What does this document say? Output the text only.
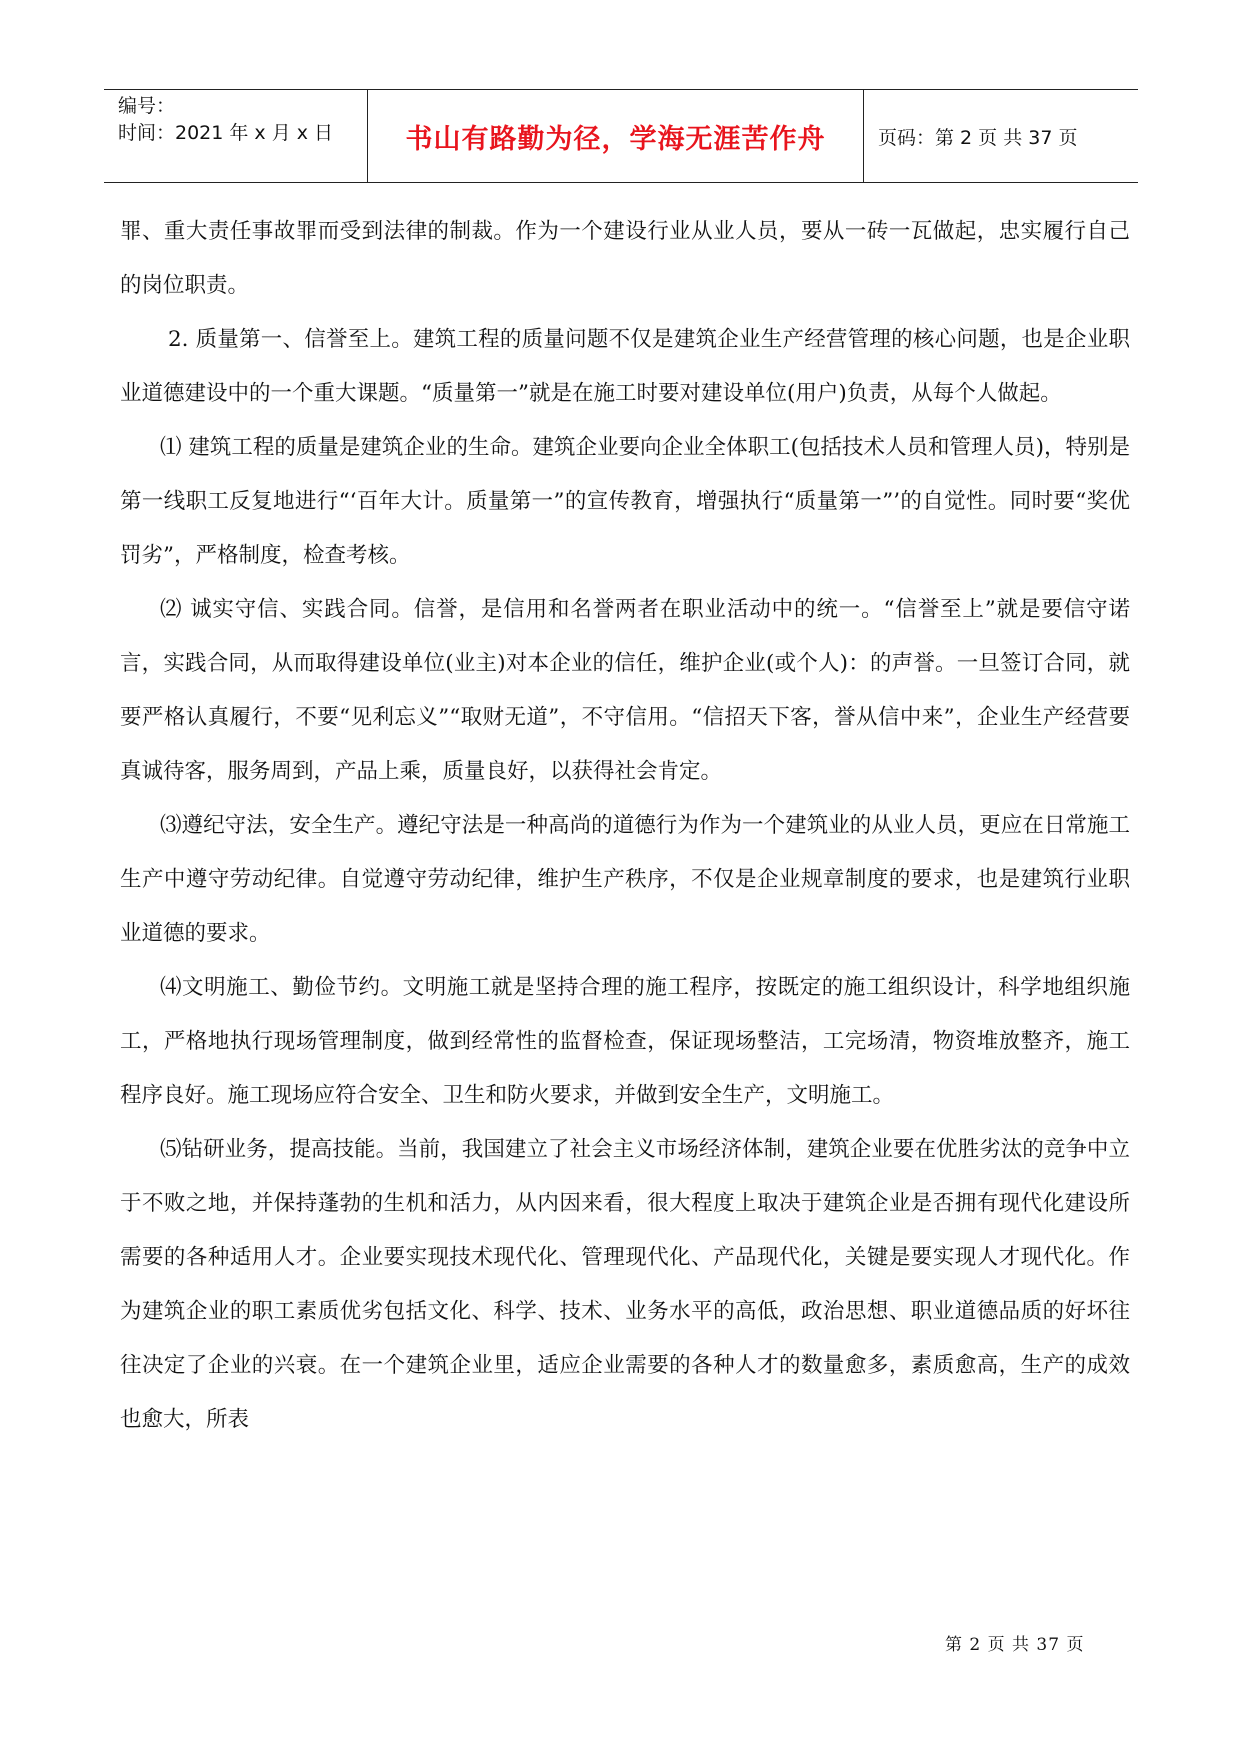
编号：
时间：2021 年 x 月 x 日	书山有路勤为径，学海无涯苦作舟	页码：第 2 页 共 37 页

罪、重大责任事故罪而受到法律的制裁。作为一个建设行业从业人员，要从一砖一瓦做起，忠实履行自己的岗位职责。

2. 质量第一、信誉至上。建筑工程的质量问题不仅是建筑企业生产经营管理的核心问题，也是企业职业道德建设中的一个重大课题。“质量第一”就是在施工时要对建设单位(用户)负责，从每个人做起。

⑴ 建筑工程的质量是建筑企业的生命。建筑企业要向企业全体职工(包括技术人员和管理人员)，特别是第一线职工反复地进行“‘百年大计。质量第一”的宣传教育，增强执行“质量第一”’的自觉性。同时要“奖优罚劣”，严格制度，检查考核。

⑵ 诚实守信、实践合同。信誉，是信用和名誉两者在职业活动中的统一。“信誉至上”就是要信守诺言，实践合同，从而取得建设单位(业主)对本企业的信任，维护企业(或个人)：的声誉。一旦签订合同，就要严格认真履行，不要“见利忘义”“取财无道”，不守信用。“信招天下客，誉从信中来”，企业生产经营要真诚待客，服务周到，产品上乘，质量良好，以获得社会肯定。

⑶遵纪守法，安全生产。遵纪守法是一种高尚的道德行为作为一个建筑业的从业人员，更应在日常施工生产中遵守劳动纪律。自觉遵守劳动纪律，维护生产秩序，不仅是企业规章制度的要求，也是建筑行业职业道德的要求。

⑷文明施工、勤俭节约。文明施工就是坚持合理的施工程序，按既定的施工组织设计，科学地组织施工，严格地执行现场管理制度，做到经常性的监督检查，保证现场整洁，工完场清，物资堆放整齐，施工程序良好。施工现场应符合安全、卫生和防火要求，并做到安全生产，文明施工。

⑸钻研业务，提高技能。当前，我国建立了社会主义市场经济体制，建筑企业要在优胜劣汰的竞争中立于不败之地，并保持蓬勃的生机和活力，从内因来看，很大程度上取决于建筑企业是否拥有现代化建设所需要的各种适用人才。企业要实现技术现代化、管理现代化、产品现代化，关键是要实现人才现代化。作为建筑企业的职工素质优劣包括文化、科学、技术、业务水平的高低，政治思想、职业道德品质的好坏往往决定了企业的兴衰。在一个建筑企业里，适应企业需要的各种人才的数量愈多，素质愈高，生产的成效也愈大，所表

第 2 页 共 37 页
